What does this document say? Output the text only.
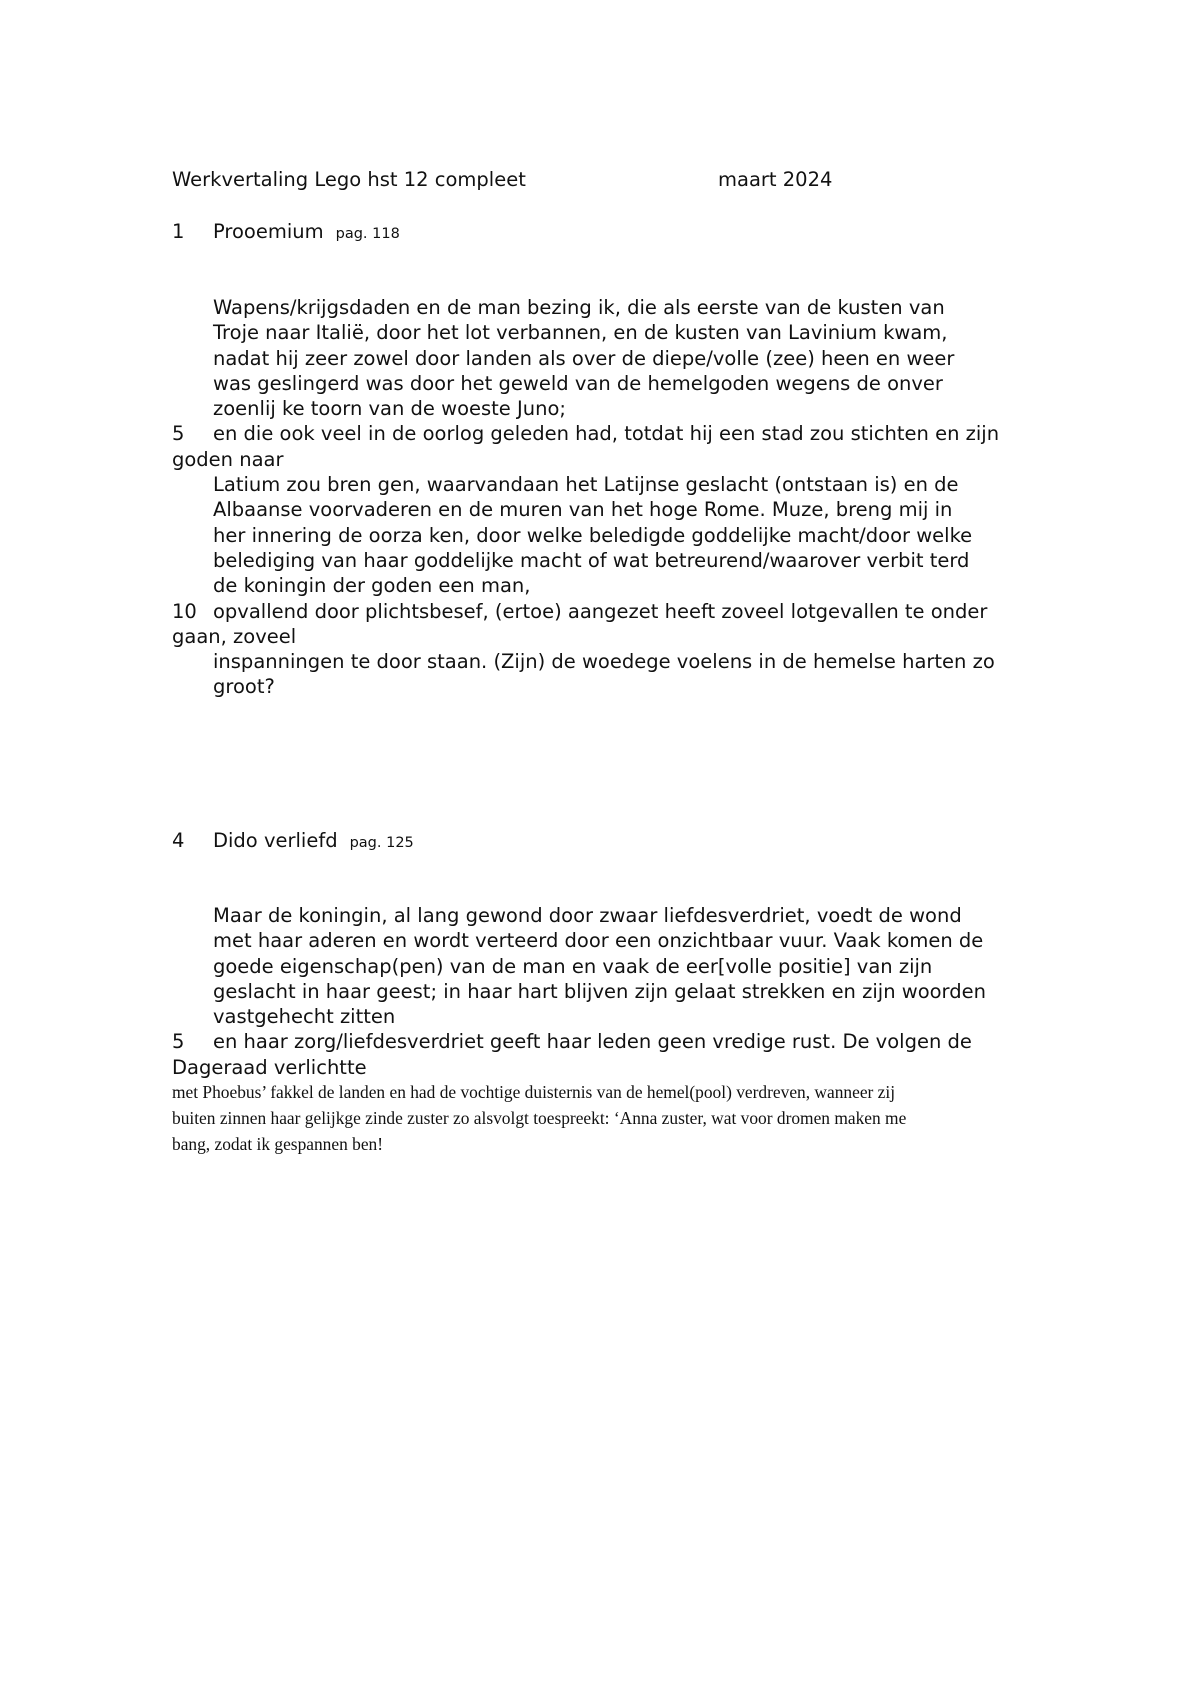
Werkvertaling Lego hst 12 compleet	maart 2024
1 Prooemium pag. 118
Wapens/krijgsdaden en de man bezing ik, die als eerste van de kusten van
Troje naar Italië, door het lot verbannen, en de kusten van Lavinium kwam,
nadat hij zeer zowel door landen als over de diepe/volle (zee) heen en weer
was geslingerd was door het geweld van de hemelgoden wegens de onver
zoenlij ke toorn van de woeste Juno;
5 en die ook veel in de oorlog geleden had, totdat hij een stad zou stichten en zijn
goden naar
Latium zou bren gen, waarvandaan het Latijnse geslacht (ontstaan is) en de
Albaanse voorvaderen en de muren van het hoge Rome. Muze, breng mij in
her innering de oorza ken, door welke beledigde goddelijke macht/door welke
belediging van haar goddelijke macht of wat betreurend/waarover verbit terd
de koningin der goden een man,
10 opvallend door plichtsbesef, (ertoe) aangezet heeft zoveel lotgevallen te onder
gaan, zoveel
inspanningen te door staan. (Zijn) de woedege voelens in de hemelse harten zo
groot?
4 Dido verliefd pag. 125
Maar de koningin, al lang gewond door zwaar liefdesverdriet, voedt de wond
met haar aderen en wordt verteerd door een onzichtbaar vuur. Vaak komen de
goede eigenschap(pen) van de man en vaak de eer[volle positie] van zijn
geslacht in haar geest; in haar hart blijven zijn gelaat strekken en zijn woorden
vastgehecht zitten
5 en haar zorg/liefdesverdriet geeft haar leden geen vredige rust. De volgen de
Dageraad verlichtte
met Phoebus’ fakkel de landen en had de vochtige duisternis van de hemel(pool) verdreven, wanneer zij
buiten zinnen haar gelijkge zinde zuster zo alsvolgt toespreekt: ‘Anna zuster, wat voor dromen maken me
bang, zodat ik gespannen ben!
